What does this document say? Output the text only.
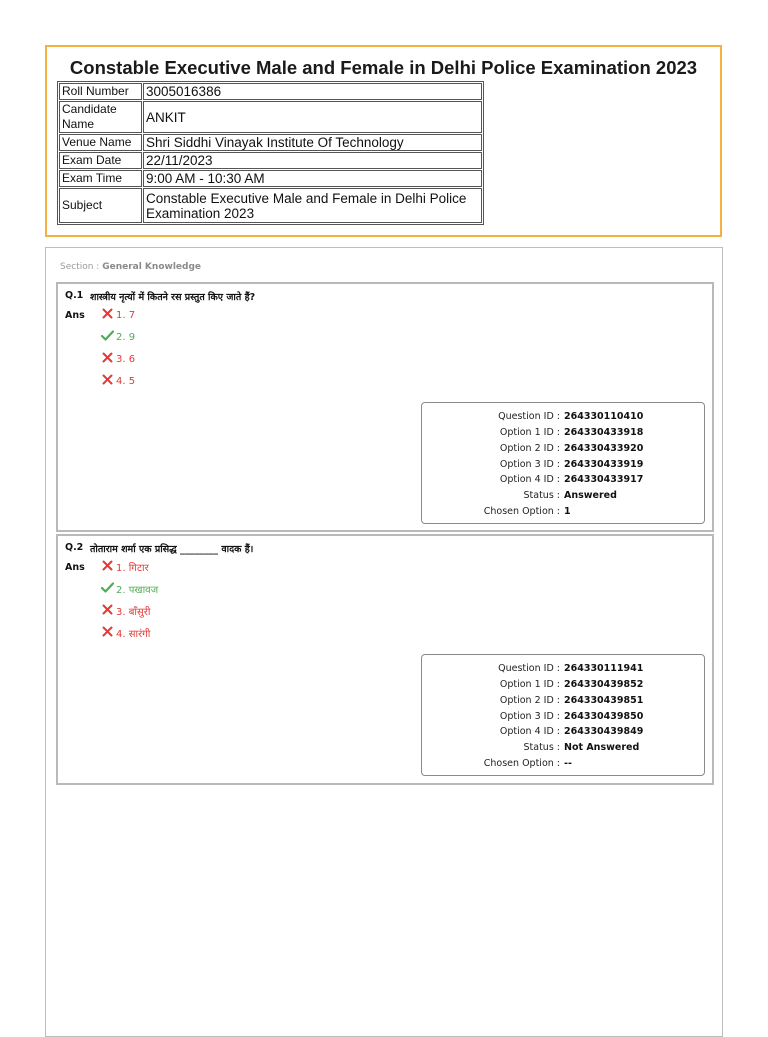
Constable Executive Male and Female in Delhi Police Examination 2023
Roll Number	3005016386
Candidate Name	ANKIT
Venue Name	Shri Siddhi Vinayak Institute Of Technology
Exam Date	22/11/2023
Exam Time	9:00 AM - 10:30 AM
Subject	Constable Executive Male and Female in Delhi Police Examination 2023
Section : General Knowledge
Q.1 शास्त्रीय नृत्यों में कितने रस प्रस्तुत किए जाते हैं?
Ans	1. 7
2. 9
3. 6
4. 5
Question ID : 264330110410
Option 1 ID : 264330433918
Option 2 ID : 264330433920
Option 3 ID : 264330433919
Option 4 ID : 264330433917
Status : Answered
Chosen Option : 1
Q.2 तोताराम शर्मा एक प्रसिद्ध ________ वादक हैं।
Ans	1. गिटार
2. पखावज
3. बाँसुरी
4. सारंगी
Question ID : 264330111941
Option 1 ID : 264330439852
Option 2 ID : 264330439851
Option 3 ID : 264330439850
Option 4 ID : 264330439849
Status : Not Answered
Chosen Option : --
